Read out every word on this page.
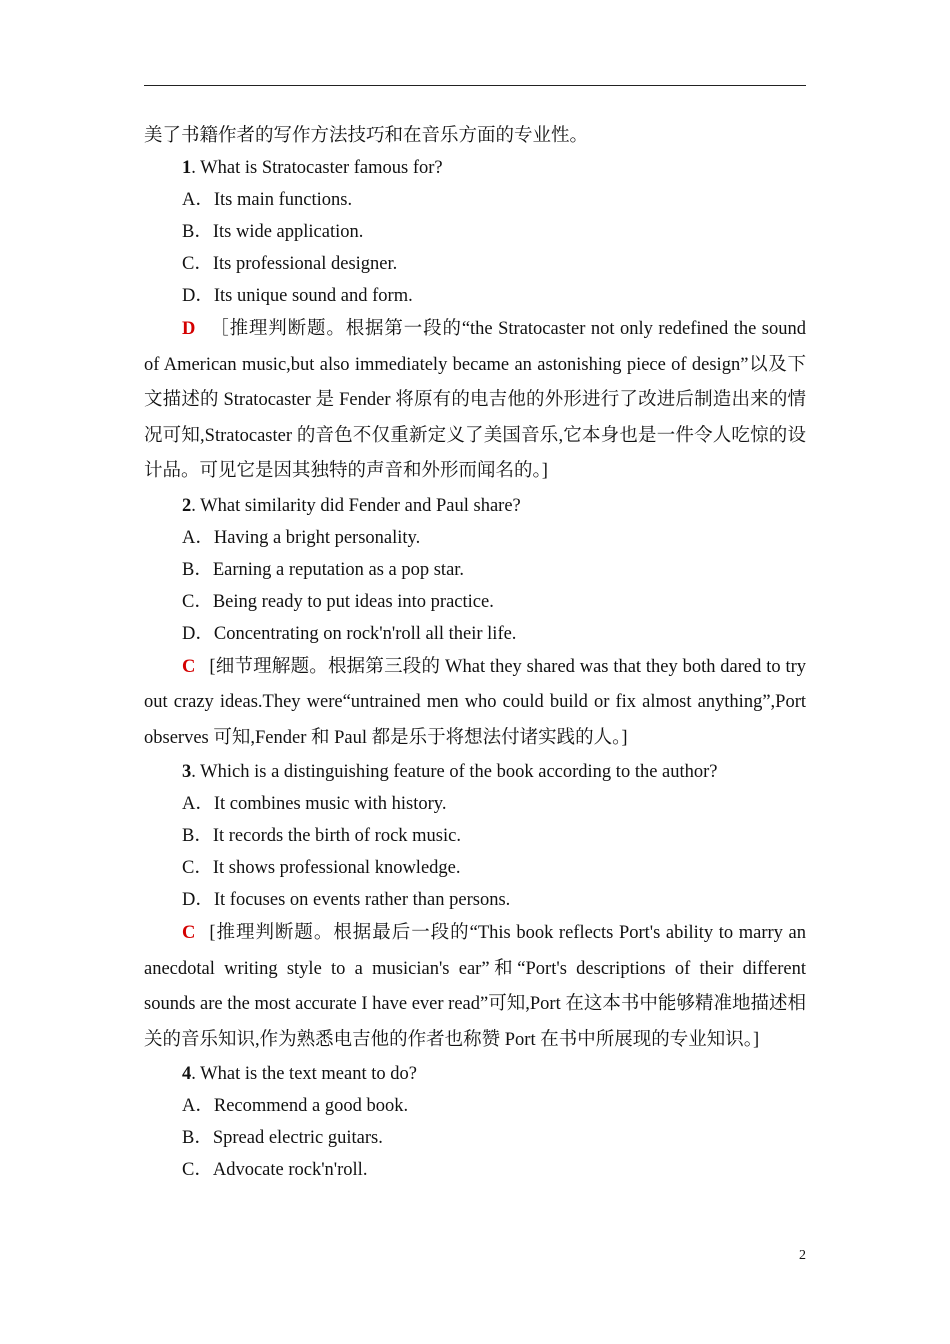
美了书籍作者的写作方法技巧和在音乐方面的专业性。
1. What is Stratocaster famous for?
A．Its main functions.
B．Its wide application.
C．Its professional designer.
D．Its unique sound and form.

D ［推理判断题。根据第一段的“the Stratocaster not only redefined the sound of American music,but also immediately became an astonishing piece of design”以及下文描述的 Stratocaster 是 Fender 将原有的电吉他的外形进行了改进后制造出来的情况可知,Stratocaster 的音色不仅重新定义了美国音乐,它本身也是一件令人吃惊的设计品。可见它是因其独特的声音和外形而闻名的。]

2. What similarity did Fender and Paul share?
A．Having a bright personality.
B．Earning a reputation as a pop star.
C．Being ready to put ideas into practice.
D．Concentrating on rock'n'roll all their life.

C [细节理解题。根据第三段的 What they shared was that they both dared to try out crazy ideas.They were“untrained men who could build or fix almost anything”,Port observes 可知,Fender 和 Paul 都是乐于将想法付诸实践的人。]

3. Which is a distinguishing feature of the book according to the author?
A．It combines music with history.
B．It records the birth of rock music.
C．It shows professional knowledge.
D．It focuses on events rather than persons.

C [推理判断题。根据最后一段的“This book reflects Port's ability to marry an anecdotal writing style to a musician's ear”和“Port's descriptions of their different sounds are the most accurate I have ever read”可知,Port 在这本书中能够精准地描述相关的音乐知识,作为熟悉电吉他的作者也称赞 Port 在书中所展现的专业知识。]

4. What is the text meant to do?
A．Recommend a good book.
B．Spread electric guitars.
C．Advocate rock'n'roll.
2
